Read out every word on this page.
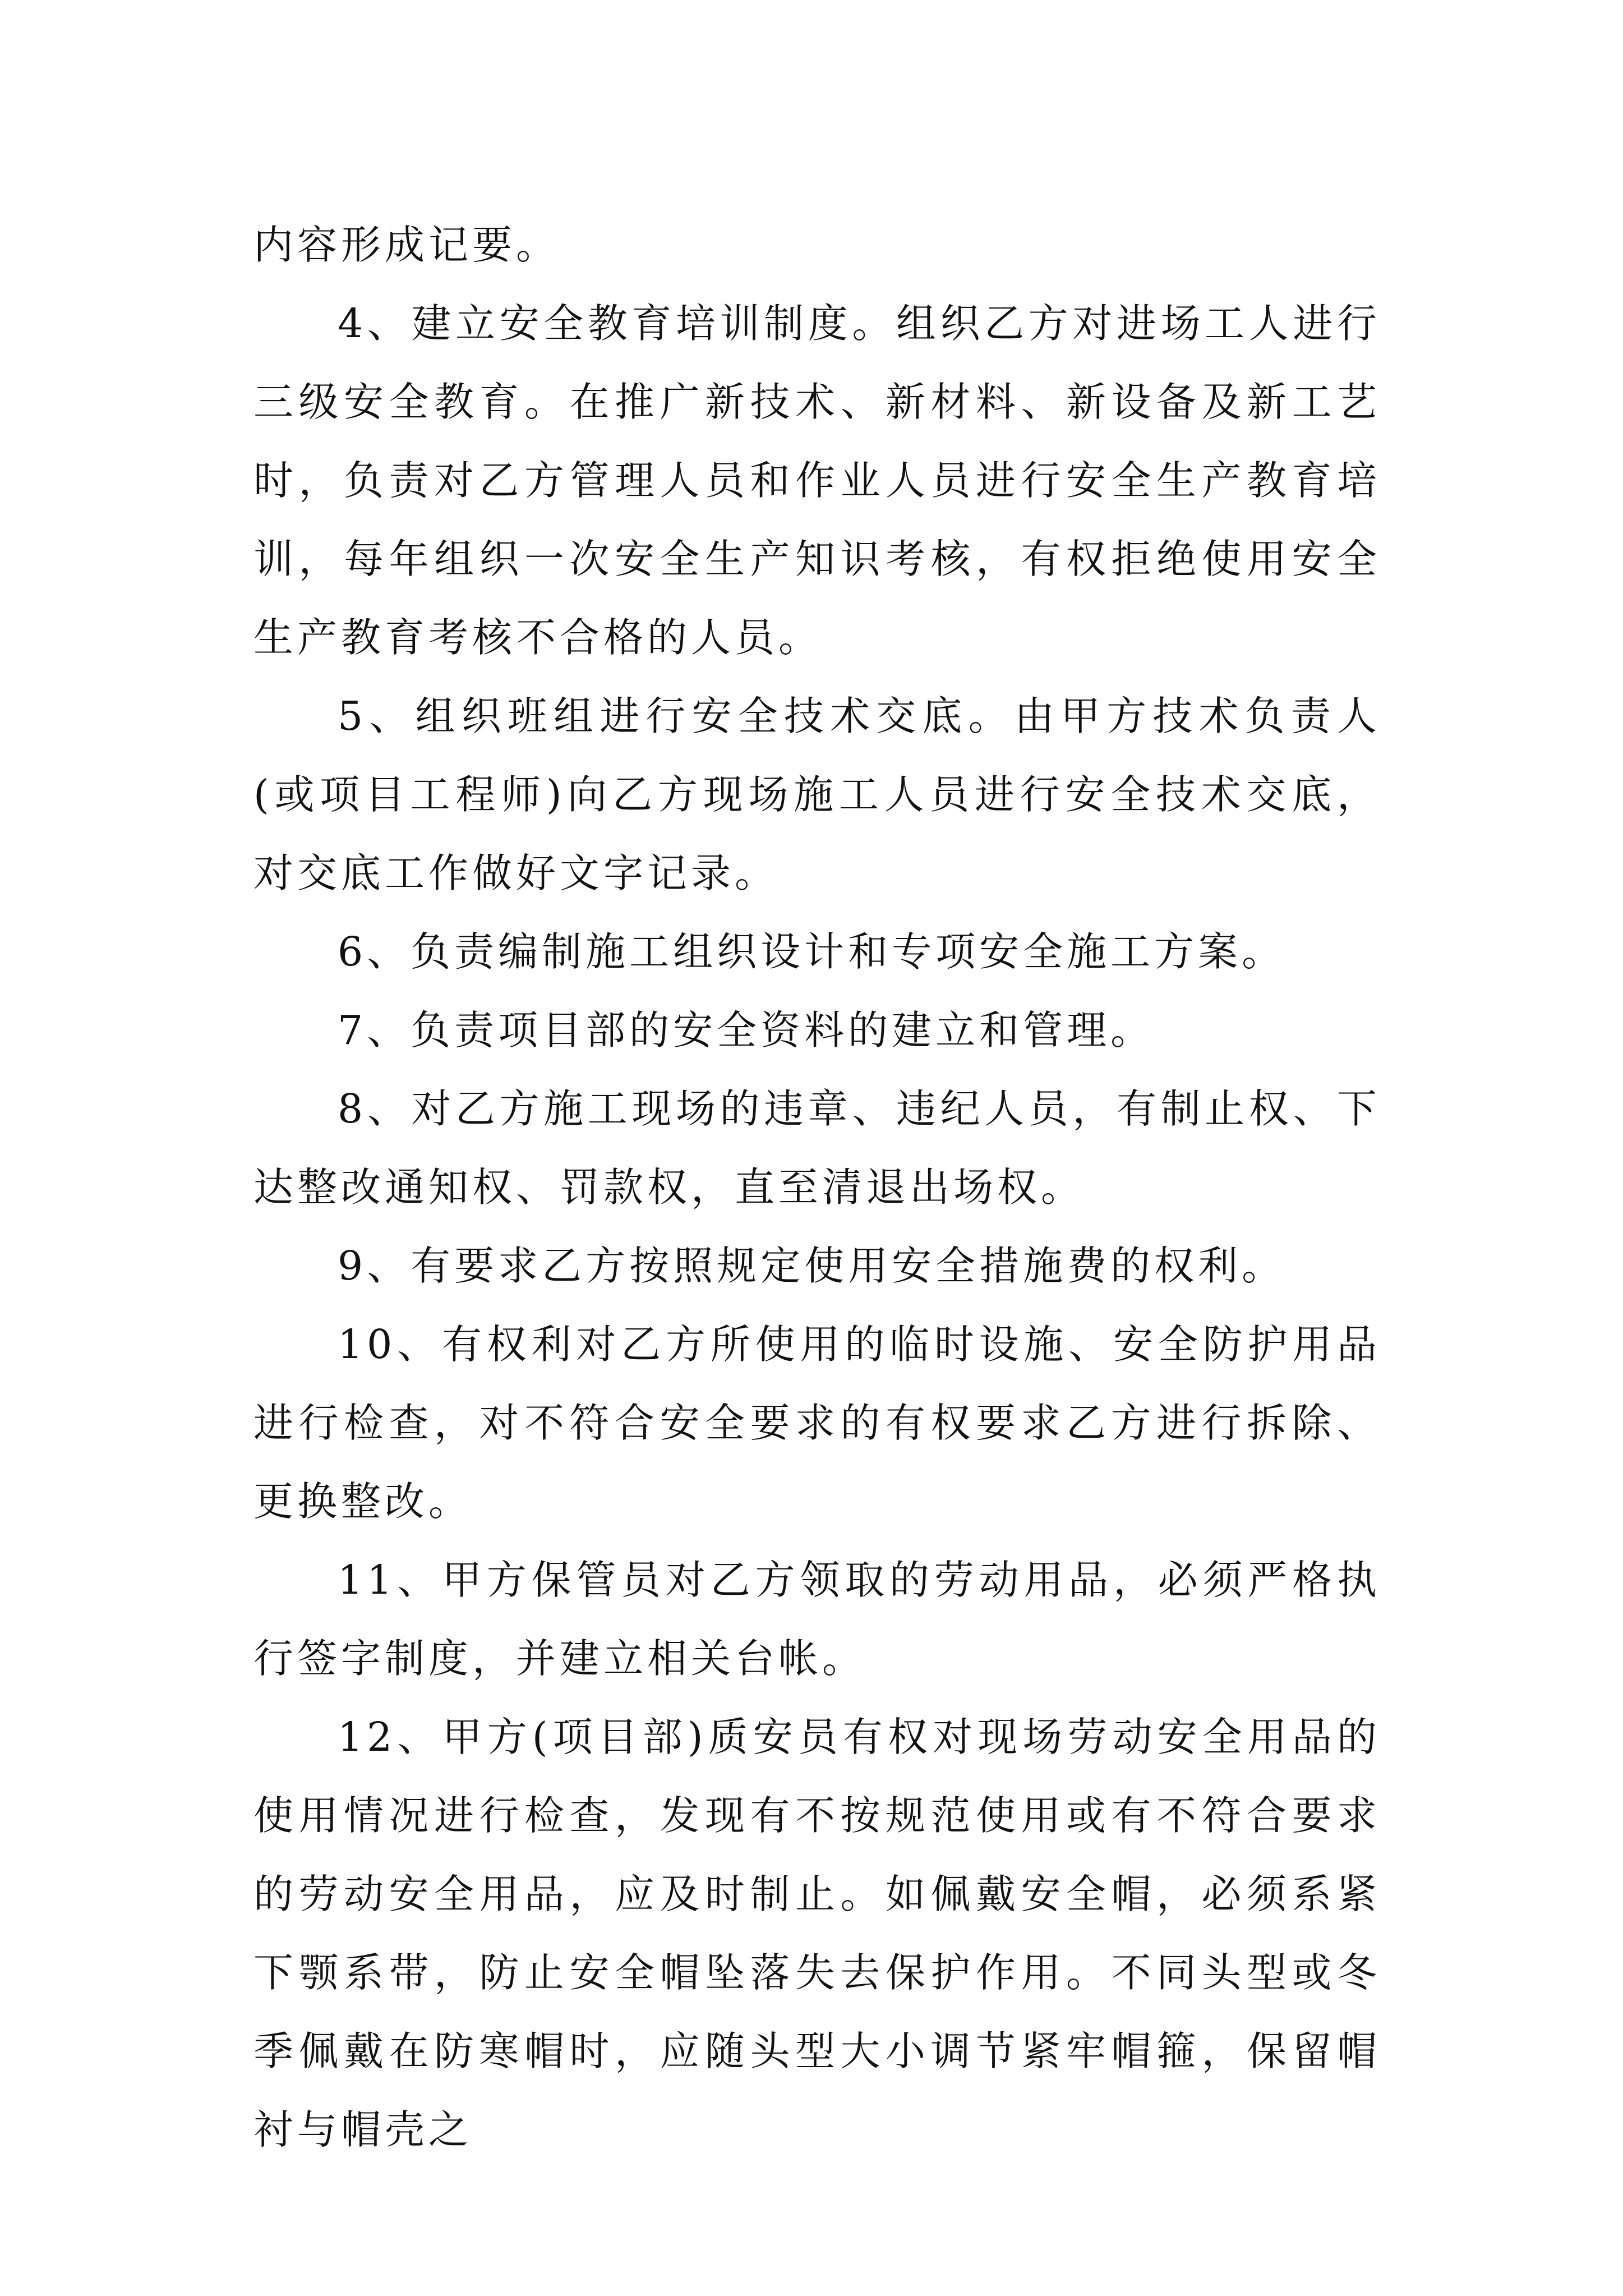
内容形成记要。

4、建立安全教育培训制度。组织乙方对进场工人进行三级安全教育。在推广新技术、新材料、新设备及新工艺时，负责对乙方管理人员和作业人员进行安全生产教育培训，每年组织一次安全生产知识考核，有权拒绝使用安全生产教育考核不合格的人员。

5、组织班组进行安全技术交底。由甲方技术负责人(或项目工程师)向乙方现场施工人员进行安全技术交底，对交底工作做好文字记录。

6、负责编制施工组织设计和专项安全施工方案。

7、负责项目部的安全资料的建立和管理。

8、对乙方施工现场的违章、违纪人员，有制止权、下达整改通知权、罚款权，直至清退出场权。

9、有要求乙方按照规定使用安全措施费的权利。

10、有权利对乙方所使用的临时设施、安全防护用品进行检查，对不符合安全要求的有权要求乙方进行拆除、更换整改。

11、甲方保管员对乙方领取的劳动用品，必须严格执行签字制度，并建立相关台帐。

12、甲方(项目部)质安员有权对现场劳动安全用品的使用情况进行检查，发现有不按规范使用或有不符合要求的劳动安全用品，应及时制止。如佩戴安全帽，必须系紧下颚系带，防止安全帽坠落失去保护作用。不同头型或冬季佩戴在防寒帽时，应随头型大小调节紧牢帽箍，保留帽衬与帽壳之
